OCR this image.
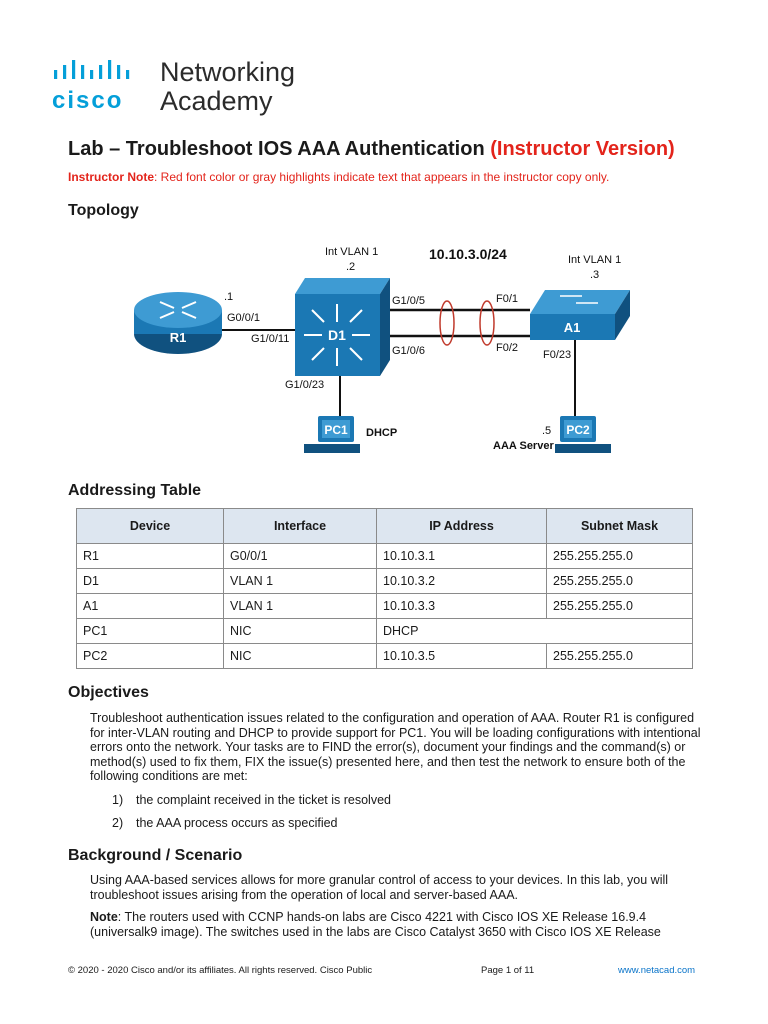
cisco
Networking
Academy
Lab – Troubleshoot IOS AAA Authentication (Instructor Version)
Instructor Note: Red font color or gray highlights indicate text that appears in the instructor copy only.
Topology
R1	D1	A1
PC1	PC2
Int VLAN 1
.2
Int VLAN 1
.3
.1
G0/0/1
G1/0/11
G1/0/5
G1/0/6
G1/0/23
F0/1
F0/2
F0/23
.5
10.10.3.0/24
DHCP
AAA Server
Addressing Table
Device	Interface	IP Address	Subnet Mask
R1	G0/0/1	10.10.3.1	255.255.255.0
D1	VLAN 1	10.10.3.2	255.255.255.0
A1	VLAN 1	10.10.3.3	255.255.255.0
PC1	NIC	DHCP	
PC2	NIC	10.10.3.5	255.255.255.0
Objectives
Troubleshoot authentication issues related to the configuration and operation of AAA. Router R1 is configured for inter-VLAN routing and DHCP to provide support for PC1. You will be loading configurations with intentional errors onto the network. Your tasks are to FIND the error(s), document your findings and the command(s) or method(s) used to fix them, FIX the issue(s) presented here, and then test the network to ensure both of the following conditions are met:
1) the complaint received in the ticket is resolved
2) the AAA process occurs as specified
Background / Scenario
Using AAA-based services allows for more granular control of access to your devices. In this lab, you will troubleshoot issues arising from the operation of local and server-based AAA.
Note: The routers used with CCNP hands-on labs are Cisco 4221 with Cisco IOS XE Release 16.9.4 (universalk9 image). The switches used in the labs are Cisco Catalyst 3650 with Cisco IOS XE Release
© 2020 - 2020 Cisco and/or its affiliates. All rights reserved. Cisco Public	Page 1 of 11	www.netacad.com
